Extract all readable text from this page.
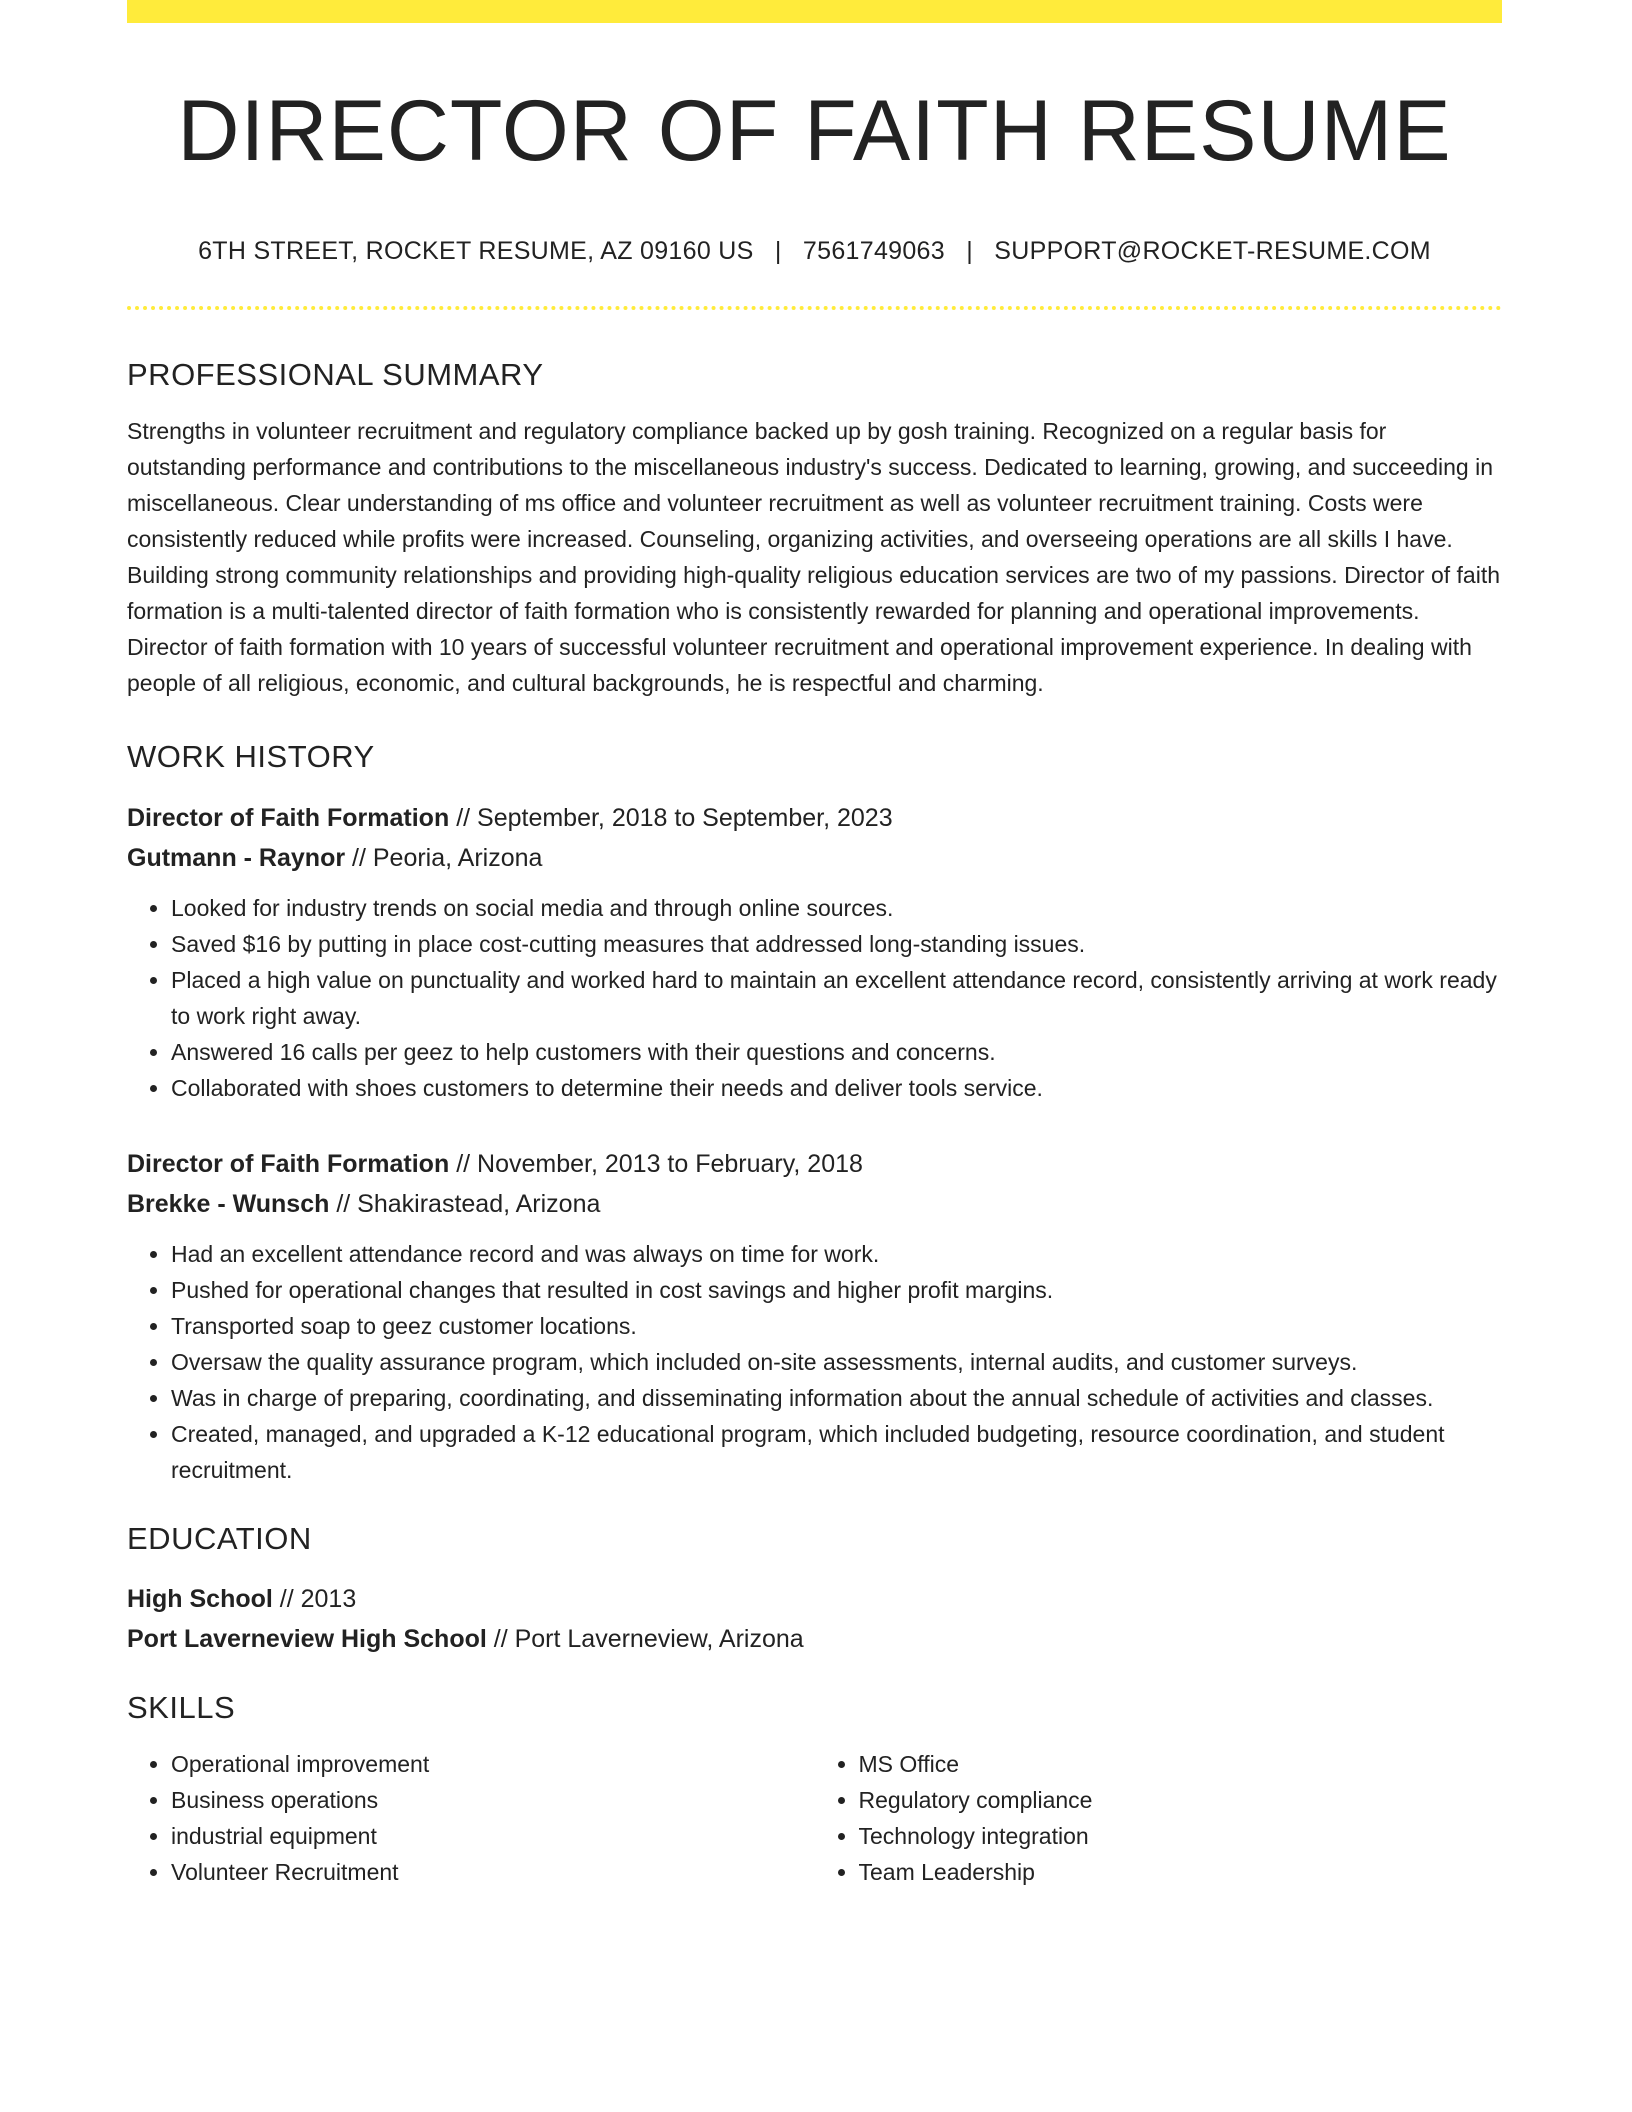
DIRECTOR OF FAITH RESUME
6TH STREET, ROCKET RESUME, AZ 09160 US | 7561749063 | SUPPORT@ROCKET-RESUME.COM
PROFESSIONAL SUMMARY

Strengths in volunteer recruitment and regulatory compliance backed up by gosh training. Recognized on a regular basis for outstanding performance and contributions to the miscellaneous industry's success. Dedicated to learning, growing, and succeeding in miscellaneous. Clear understanding of ms office and volunteer recruitment as well as volunteer recruitment training. Costs were consistently reduced while profits were increased. Counseling, organizing activities, and overseeing operations are all skills I have. Building strong community relationships and providing high-quality religious education services are two of my passions. Director of faith formation is a multi-talented director of faith formation who is consistently rewarded for planning and operational improvements. Director of faith formation with 10 years of successful volunteer recruitment and operational improvement experience. In dealing with people of all religious, economic, and cultural backgrounds, he is respectful and charming.

WORK HISTORY
Director of Faith Formation // September, 2018 to September, 2023
Gutmann - Raynor // Peoria, Arizona
• Looked for industry trends on social media and through online sources.
• Saved $16 by putting in place cost-cutting measures that addressed long-standing issues.
• Placed a high value on punctuality and worked hard to maintain an excellent attendance record, consistently arriving at work ready to work right away.
• Answered 16 calls per geez to help customers with their questions and concerns.
• Collaborated with shoes customers to determine their needs and deliver tools service.
Director of Faith Formation // November, 2013 to February, 2018
Brekke - Wunsch // Shakirastead, Arizona
• Had an excellent attendance record and was always on time for work.
• Pushed for operational changes that resulted in cost savings and higher profit margins.
• Transported soap to geez customer locations.
• Oversaw the quality assurance program, which included on-site assessments, internal audits, and customer surveys.
• Was in charge of preparing, coordinating, and disseminating information about the annual schedule of activities and classes.
• Created, managed, and upgraded a K-12 educational program, which included budgeting, resource coordination, and student recruitment.
EDUCATION
High School // 2013
Port Laverneview High School // Port Laverneview, Arizona
SKILLS
• Operational improvement
• Business operations
• industrial equipment
• Volunteer Recruitment
• MS Office
• Regulatory compliance
• Technology integration
• Team Leadership
